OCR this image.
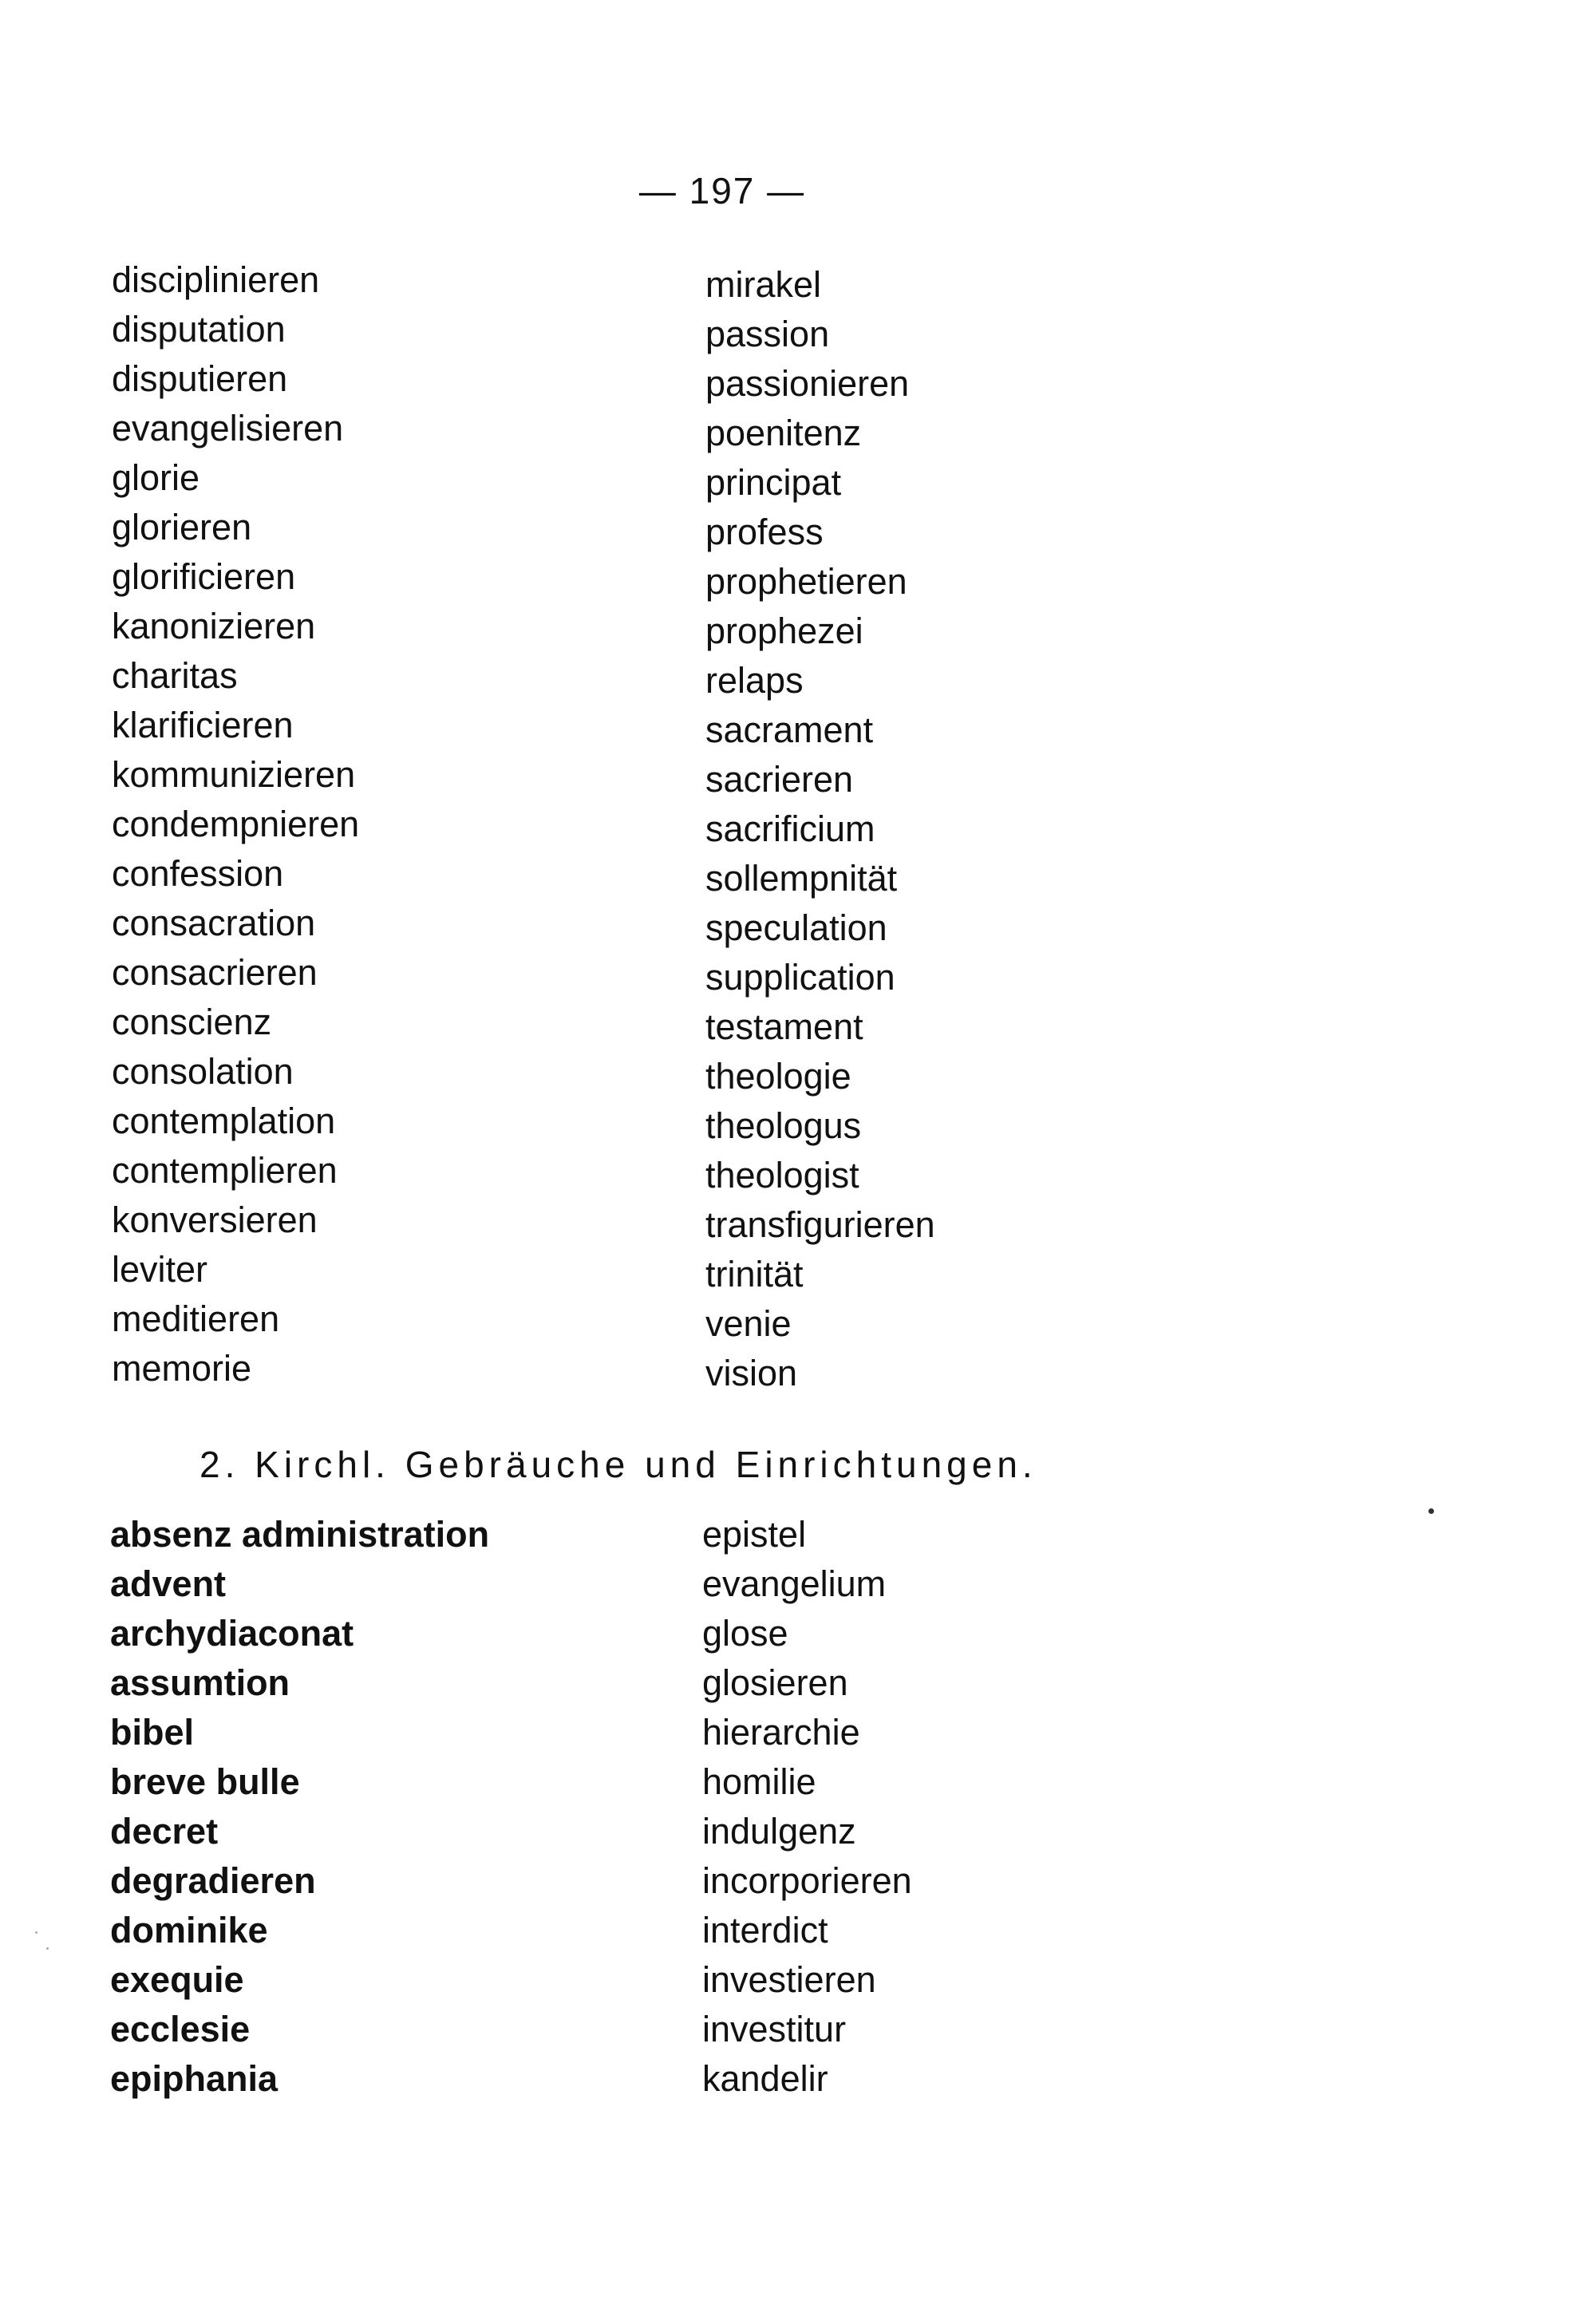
— 197 —
disciplinieren
disputation
disputieren
evangelisieren
glorie
glorieren
glorificieren
kanonizieren
charitas
klarificieren
kommunizieren
condempnieren
confession
consacration
consacrieren
conscienz
consolation
contemplation
contemplieren
konversieren
leviter
meditieren
memorie
mirakel
passion
passionieren
poenitenz
principat
profess
prophetieren
prophezei
relaps
sacrament
sacrieren
sacrificium
sollempnität
speculation
supplication
testament
theologie
theologus
theologist
transfigurieren
trinität
venie
vision
2. Kirchl. Gebräuche und Einrichtungen.
absenz administration
advent
archydiaconat
assumtion
bibel
breve bulle
decret
degradieren
dominike
exequie
ecclesie
epiphania
epistel
evangelium
glose
glosieren
hierarchie
homilie
indulgenz
incorporieren
interdict
investieren
investitur
kandelir
